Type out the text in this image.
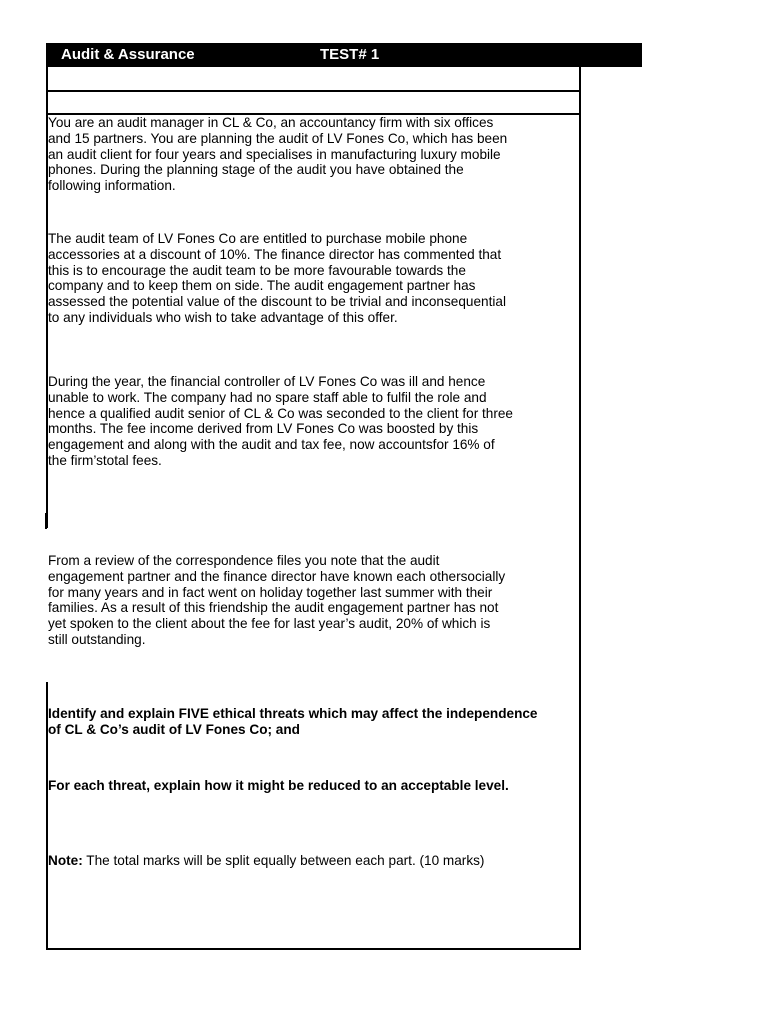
Audit & Assurance	TEST# 1
You are an audit manager in CL & Co, an accountancy firm with six offices
and 15 partners. You are planning the audit of LV Fones Co, which has been
an audit client for four years and specialises in manufacturing luxury mobile
phones. During the planning stage of the audit you have obtained the
following information.
The audit team of LV Fones Co are entitled to purchase mobile phone
accessories at a discount of 10%. The finance director has commented that
this is to encourage the audit team to be more favourable towards the
company and to keep them on side. The audit engagement partner has
assessed the potential value of the discount to be trivial and inconsequential
to any individuals who wish to take advantage of this offer.
During the year, the financial controller of LV Fones Co was ill and hence
unable to work. The company had no spare staff able to fulfil the role and
hence a qualified audit senior of CL & Co was seconded to the client for three
months. The fee income derived from LV Fones Co was boosted by this
engagement and along with the audit and tax fee, now accountsfor 16% of
the firm’stotal fees.
From a review of the correspondence files you note that the audit
engagement partner and the finance director have known each othersocially
for many years and in fact went on holiday together last summer with their
families. As a result of this friendship the audit engagement partner has not
yet spoken to the client about the fee for last year’s audit, 20% of which is
still outstanding.
Identify and explain FIVE ethical threats which may affect the independence
of CL & Co’s audit of LV Fones Co; and
For each threat, explain how it might be reduced to an acceptable level.
Note: The total marks will be split equally between each part. (10 marks)
